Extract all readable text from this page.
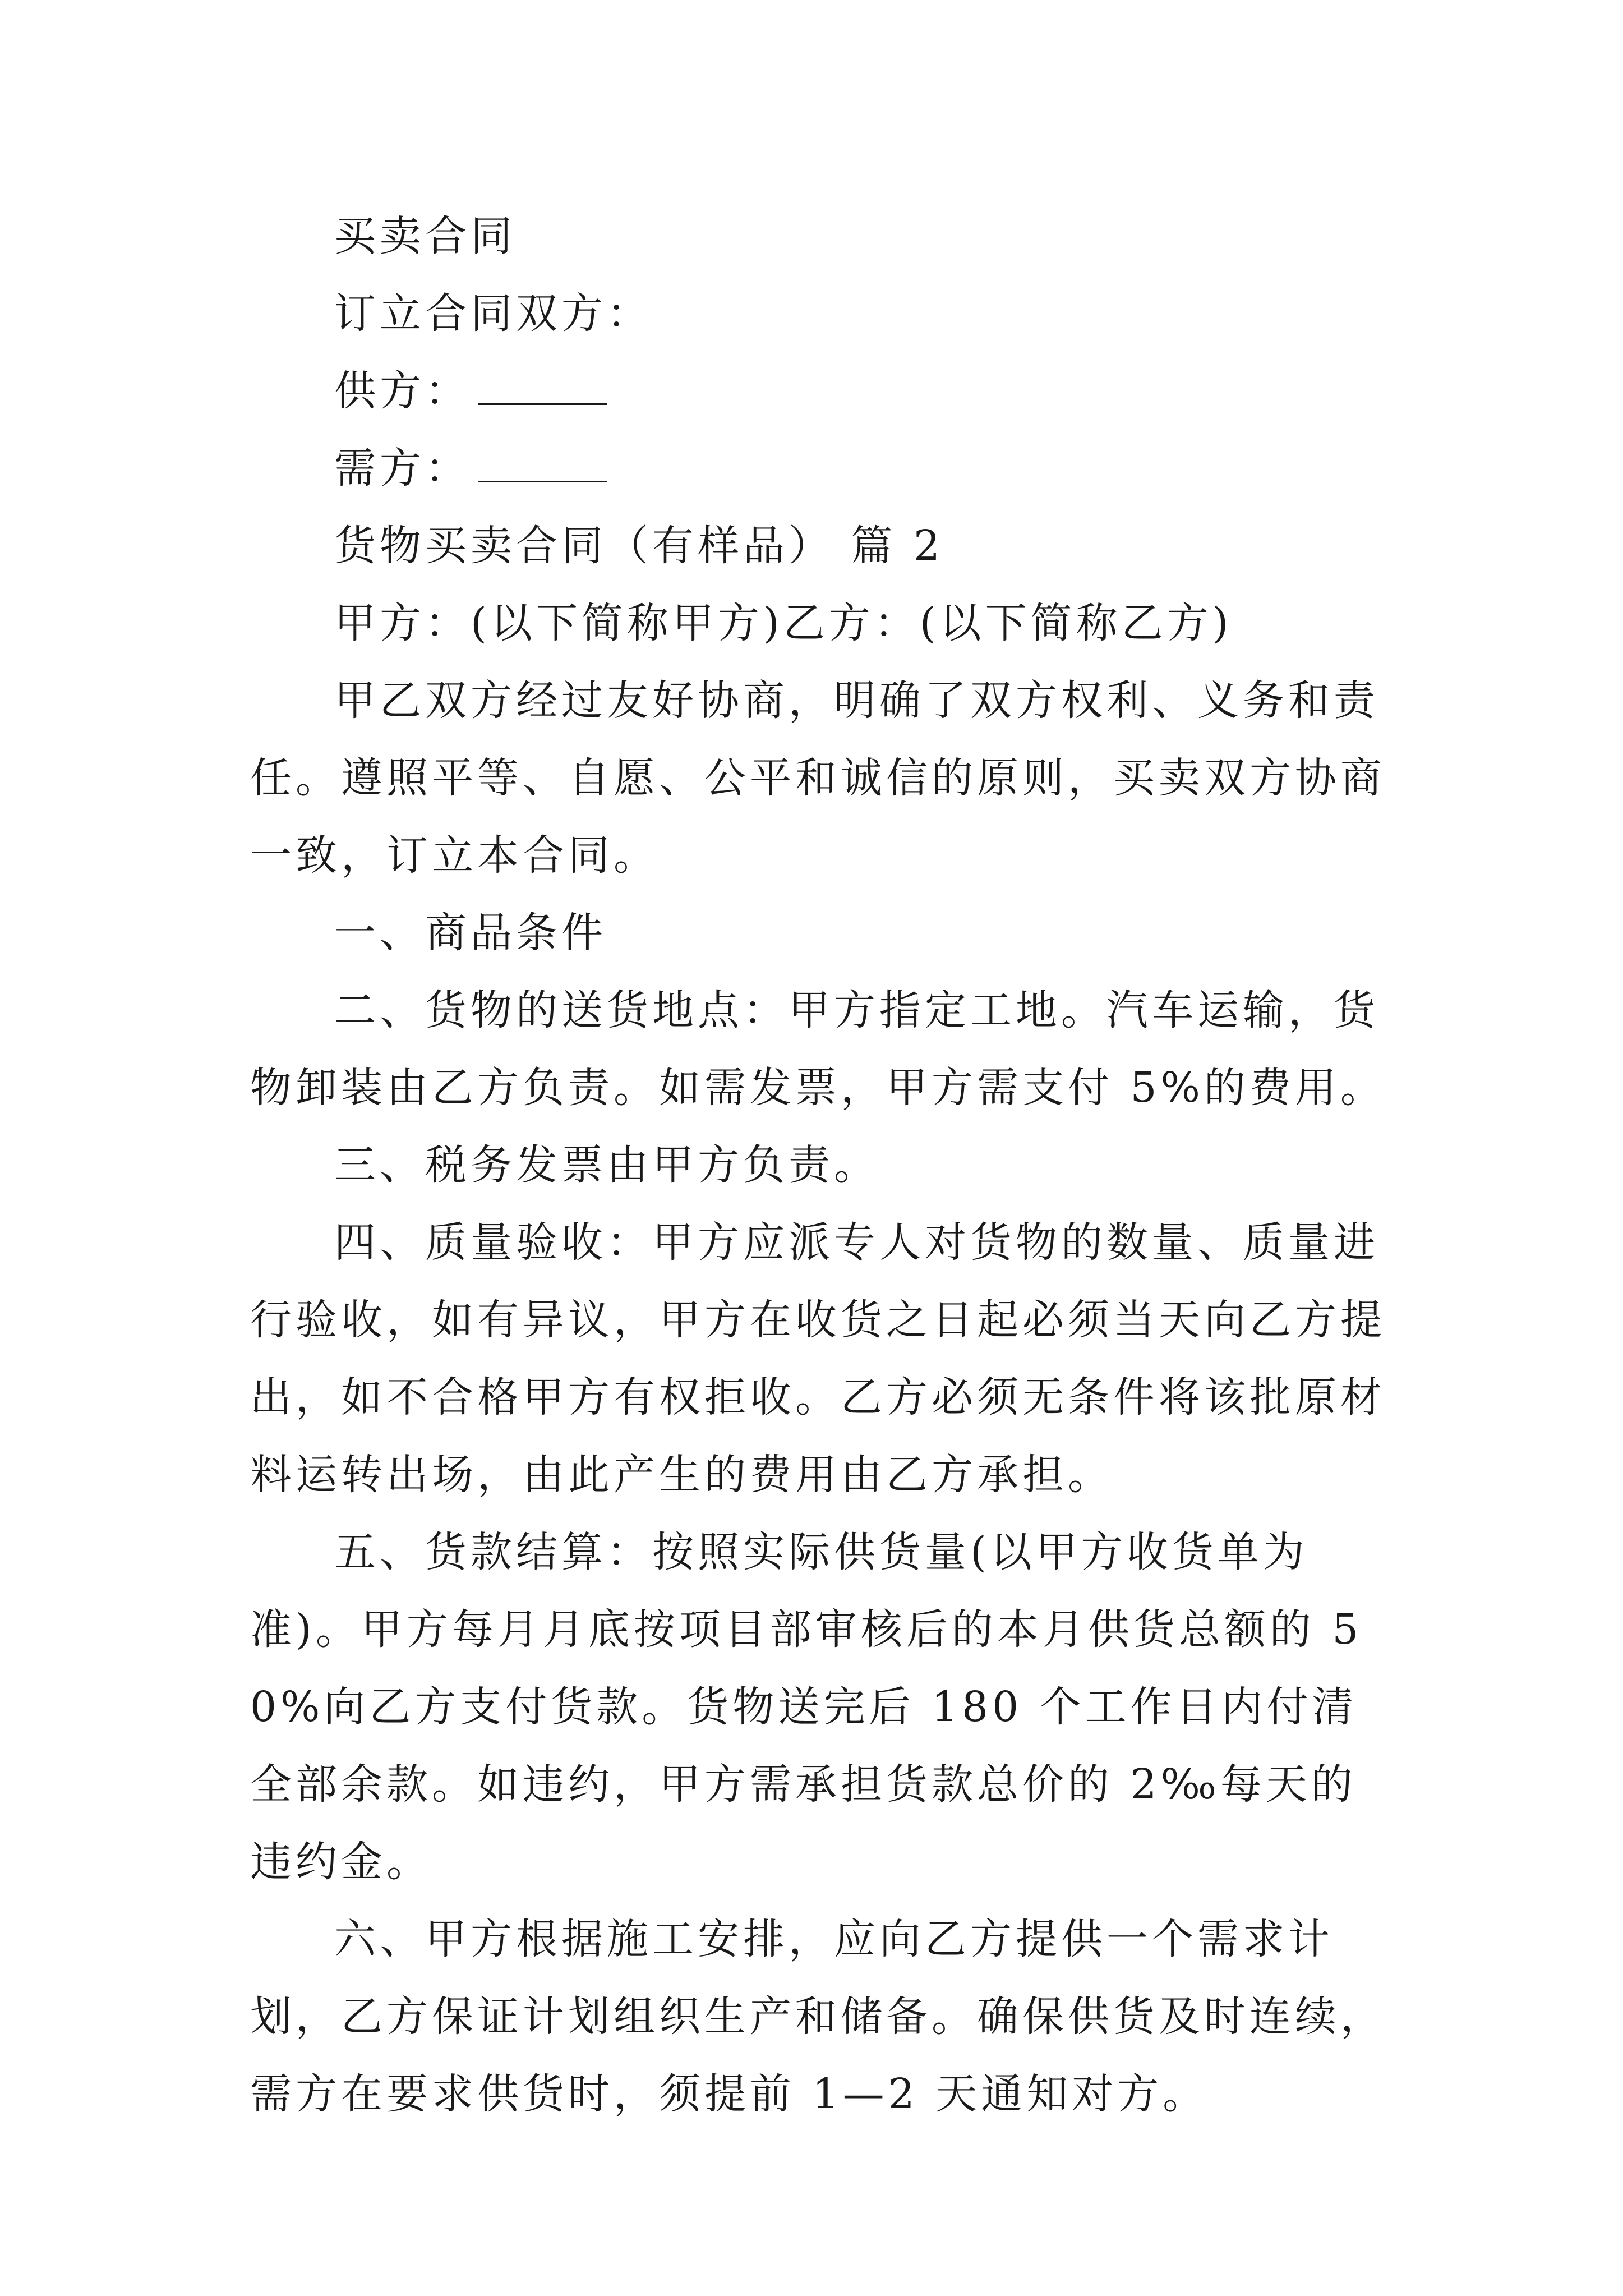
买卖合同

订立合同双方：

供方：

需方：

货物买卖合同（有样品） 篇 2

甲方：(以下简称甲方)乙方：(以下简称乙方)

甲乙双方经过友好协商，明确了双方权利、义务和责任。遵照平等、自愿、公平和诚信的原则，买卖双方协商一致，订立本合同。

一、商品条件

二、货物的送货地点：甲方指定工地。汽车运输，货物卸装由乙方负责。如需发票，甲方需支付 5%的费用。

三、税务发票由甲方负责。

四、质量验收：甲方应派专人对货物的数量、质量进行验收，如有异议，甲方在收货之日起必须当天向乙方提出，如不合格甲方有权拒收。乙方必须无条件将该批原材料运转出场，由此产生的费用由乙方承担。

五、货款结算：按照实际供货量(以甲方收货单为准)。甲方每月月底按项目部审核后的本月供货总额的 50%向乙方支付货款。货物送完后 180 个工作日内付清全部余款。如违约，甲方需承担货款总价的 2‰每天的违约金。

六、甲方根据施工安排，应向乙方提供一个需求计划，乙方保证计划组织生产和储备。确保供货及时连续，需方在要求供货时，须提前 1—2 天通知对方。
